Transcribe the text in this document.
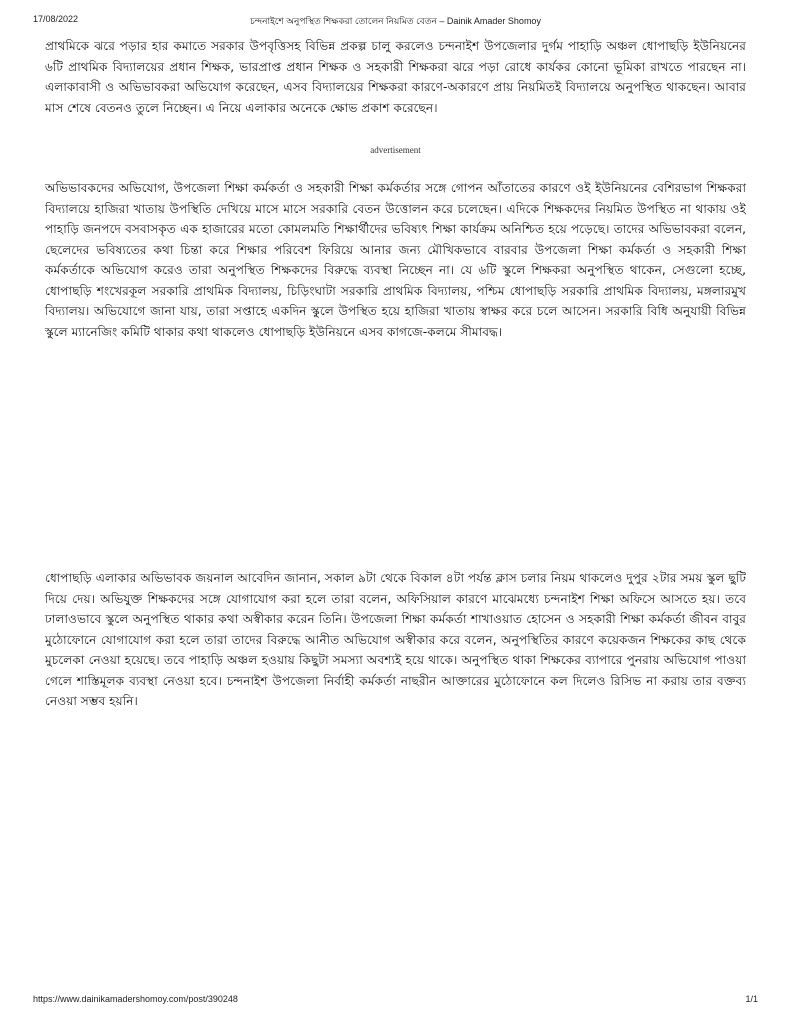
17/08/2022	চন্দনাইশে অনুপস্থিত শিক্ষকরা তোলেন নিয়মিত বেতন – Dainik Amader Shomoy
প্রাথমিকে ঝরে পড়ার হার কমাতে সরকার উপবৃত্তিসহ বিভিন্ন প্রকল্প চালু করলেও চন্দনাইশ উপজেলার দুর্গম পাহাড়ি অঞ্চল ধোপাছড়ি ইউনিয়নের ৬টি প্রাথমিক বিদ্যালয়ের প্রধান শিক্ষক, ভারপ্রাপ্ত প্রধান শিক্ষক ও সহকারী শিক্ষকরা ঝরে পড়া রোধে কার্যকর কোনো ভূমিকা রাখতে পারছেন না। এলাকাবাসী ও অভিভাবকরা অভিযোগ করেছেন, এসব বিদ্যালয়ের শিক্ষকরা কারণে-অকারণে প্রায় নিয়মিতই বিদ্যালয়ে অনুপস্থিত থাকছেন। আবার মাস শেষে বেতনও তুলে নিচ্ছেন। এ নিয়ে এলাকার অনেকে ক্ষোভ প্রকাশ করেছেন।
advertisement
অভিভাবকদের অভিযোগ, উপজেলা শিক্ষা কর্মকর্তা ও সহকারী শিক্ষা কর্মকর্তার সঙ্গে গোপন আঁতাতের কারণে ওই ইউনিয়নের বেশিরভাগ শিক্ষকরা বিদ্যালয়ে হাজিরা খাতায় উপস্থিতি দেখিয়ে মাসে মাসে সরকারি বেতন উত্তোলন করে চলেছেন। এদিকে শিক্ষকদের নিয়মিত উপস্থিত না থাকায় ওই পাহাড়ি জনপদে বসবাসকৃত এক হাজারের মতো কোমলমতি শিক্ষার্থীদের ভবিষ্যৎ শিক্ষা কার্যক্রম অনিশ্চিত হয়ে পড়েছে। তাদের অভিভাবকরা বলেন, ছেলেদের ভবিষ্যতের কথা চিন্তা করে শিক্ষার পরিবেশ ফিরিয়ে আনার জন্য মৌখিকভাবে বারবার উপজেলা শিক্ষা কর্মকর্তা ও সহকারী শিক্ষা কর্মকর্তাকে অভিযোগ করেও তারা অনুপস্থিত শিক্ষকদের বিরুদ্ধে ব্যবস্থা নিচ্ছেন না। যে ৬টি স্কুলে শিক্ষকরা অনুপস্থিত থাকেন, সেগুলো হচ্ছে, ধোপাছড়ি শংখেরকূল সরকারি প্রাথমিক বিদ্যালয়, চিড়িংঘাটা সরকারি প্রাথমিক বিদ্যালয়, পশ্চিম ধোপাছড়ি সরকারি প্রাথমিক বিদ্যালয়, মঙ্গলারমুখ বিদ্যালয়। অভিযোগে জানা যায়, তারা সপ্তাহে একদিন স্কুলে উপস্থিত হয়ে হাজিরা খাতায় স্বাক্ষর করে চলে আসেন। সরকারি বিধি অনুযায়ী বিভিন্ন স্কুলে ম্যানেজিং কমিটি থাকার কথা থাকলেও ধোপাছড়ি ইউনিয়নে এসব কাগজে-কলমে সীমাবদ্ধ।
ধোপাছড়ি এলাকার অভিভাবক জয়নাল আবেদিন জানান, সকাল ৯টা থেকে বিকাল ৪টা পর্যন্ত ক্লাস চলার নিয়ম থাকলেও দুপুর ২টার সময় স্কুল ছুটি দিয়ে দেয়। অভিযুক্ত শিক্ষকদের সঙ্গে যোগাযোগ করা হলে তারা বলেন, অফিসিয়াল কারণে মাঝেমধ্যে চন্দনাইশ শিক্ষা অফিসে আসতে হয়। তবে ঢালাওভাবে স্কুলে অনুপস্থিত থাকার কথা অস্বীকার করেন তিনি। উপজেলা শিক্ষা কর্মকর্তা শাখাওয়াত হোসেন ও সহকারী শিক্ষা কর্মকর্তা জীবন বাবুর মুঠোফোনে যোগাযোগ করা হলে তারা তাদের বিরুদ্ধে আনীত অভিযোগ অস্বীকার করে বলেন, অনুপস্থিতির কারণে কয়েকজন শিক্ষকের কাছ থেকে মুচলেকা নেওয়া হয়েছে। তবে পাহাড়ি অঞ্চল হওয়ায় কিছুটা সমস্যা অবশ্যই হয়ে থাকে। অনুপস্থিত থাকা শিক্ষকের ব্যাপারে পুনরায় অভিযোগ পাওয়া গেলে শাস্তিমূলক ব্যবস্থা নেওয়া হবে। চন্দনাইশ উপজেলা নির্বাহী কর্মকর্তা নাছরীন আক্তারের মুঠোফোনে কল দিলেও রিসিভ না করায় তার বক্তব্য নেওয়া সম্ভব হয়নি।
https://www.dainikamadershomoy.com/post/390248	1/1
